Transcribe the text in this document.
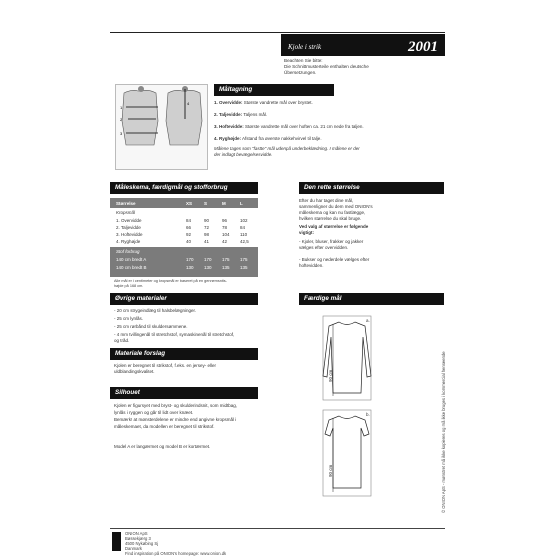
Kjole i strik	2001
Beachten Sie bitte:
Die Schnittmusterteile enthalten deutsche
Übersetzungen.
1
2
3
4
Måltagning
1. Overvidde: Største vandrette mål over brystet.
2. Taljevidde: Taljens mål.
3. Hoftevidde: Største vandrette mål over hoften ca. 21 cm nede fra taljen.
4. Ryghøjde: Afstand fra øverste nakkehvirvel til talje.
Målene tages som "fastte" mål udenpå underbeklædning. I målene er der
der indlagt bevægelsesvidde.
Måleskema, færdigmål og stofforbrug
Størrelse	XS	S	M	L
Kropsmål
1. Overvidde	84	90	96	102
2. Taljevidde	66	72	78	84
3. Hoftevidde	92	98	104 110
4. Ryghøjde	40	41	42	42,5
Stof forbrug
140 cm bredt A	170 170 175 175
140 cm bredt B	130 130 135 135
Alle mål er i centimeter og kropsmål er baseret på en gennemsnits-
højde på 168 cm.
Øvrige materialer
- 20 cm strygeindlæg til halsbelægninger.
- 25 cm lynlås.
- 25 cm rørbånd til skuldersømmene.
- 4 mm tvillingenål til stretchstof, symaskinenål til stretchstof,
og tråd.
Materiale forslag
Kjolen er beregnet til strikstof, f.eks. en jersey- eller
uldblandingskvalitet.
Silhouet
Kjolen er figursyet med bryst- og skulderindsnit, som midtbag,
lynlås i ryggen og går til lidt over knæet.
Bemærk! at mønsterdelene er mindre end angivne kropsmål i
måleskemaet, da modellen er beregnet til strikstof.
Model A er langærmet og model B er kortærmet.
Den rette størrelse
Efter du har taget dine mål,
sammenligner du dem med ONION's
måleskema og kan nu fastlægge,
hvilken størrelse du skal bruge.
Ved valg af størrelse er følgende
vigtigt:
- Kjoler, bluser, frakker og jakker
vælges efter overvidden.
- Bukser og nederdele vælges efter
hoftevidden.
Færdige mål
a.
b.
90 cm
90 cm
ONION ApS
Bøssekjærg 3
4500 Nykøbing Sj
Danmark
Find inspiration på ONION's homepage: www.onion.dk
© ONION ApS - mønstret må ikke kopieres og må ikke bruges i kommercial henseende
